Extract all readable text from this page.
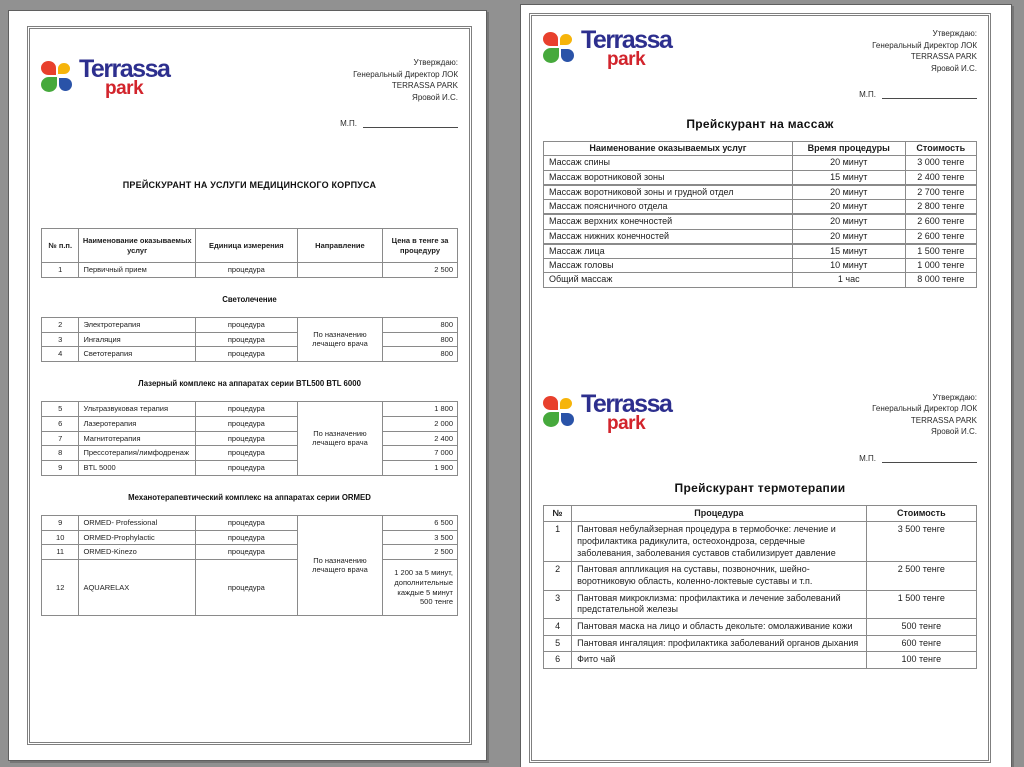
Terrassa
park
Утверждаю:
Генеральный Директор ЛОК
TERRASSA PARK
Яровой И.С.
М.П.
ПРЕЙСКУРАНТ НА УСЛУГИ МЕДИЦИНСКОГО КОРПУСА
№ п.п.	Наименование оказываемых услуг	Единица измерения	Направление	Цена в тенге за процедуру
1	Первичный прием	процедура		2 500
Светолечение
2	Электротерапия	процедура	По назначению лечащего врача	800
3	Ингаляция	процедура		800
4	Светотерапия	процедура		800
Лазерный комплекс на аппаратах серии BTL500 BTL 6000
5	Ультразвуковая терапия	процедура	По назначению лечащего врача	1 800
6	Лазеротерапия	процедура		2 000
7	Магнитотерапия	процедура		2 400
8	Прессотерапия/лимфодренаж	процедура		7 000
9	BTL 5000	процедура		1 900
Механотерапевтический комплекс на аппаратах серии ORMED
9	ORMED- Professional	процедура	По назначению лечащего врача	6 500
10	ORMED-Prophylactic	процедура		3 500
11	ORMED-Kinezo	процедура		2 500
12	AQUARELAX	процедура		1 200 за 5 минут, дополнительные каждые 5 минут 500 тенге
Terrassa
park
Утверждаю:
Генеральный Директор ЛОК
TERRASSA PARK
Яровой И.С.
М.П.
Прейскурант на массаж
Наименование оказываемых услуг	Время процедуры	Стоимость
Массаж спины	20 минут	3 000 тенге
Массаж воротниковой зоны	15 минут	2 400 тенге
Массаж воротниковой зоны и грудной отдел	20 минут	2 700 тенге
Массаж поясничного отдела	20 минут	2 800 тенге
Массаж верхних конечностей	20 минут	2 600 тенге
Массаж нижних конечностей	20 минут	2 600 тенге
Массаж лица	15 минут	1 500 тенге
Массаж головы	10 минут	1 000 тенге
Общий массаж	1 час	8 000 тенге
Terrassa
park
Утверждаю:
Генеральный Директор ЛОК
TERRASSA PARK
Яровой И.С.
М.П.
Прейскурант термотерапии
№	Процедура	Стоимость
1	Пантовая небулайзерная процедура в термобочке: лечение и профилактика радикулита, остеохондроза, сердечные заболевания, заболевания суставов стабилизирует давление	3 500 тенге
2	Пантовая аппликация на суставы, позвоночник, шейно-воротниковую область, коленно-локтевые суставы и т.п.	2 500 тенге
3	Пантовая микроклизма: профилактика и лечение заболеваний предстательной железы	1 500 тенге
4	Пантовая маска на лицо и область декольте: омолаживание кожи	500 тенге
5	Пантовая ингаляция: профилактика заболеваний органов дыхания	600 тенге
6	Фито чай	100 тенге
